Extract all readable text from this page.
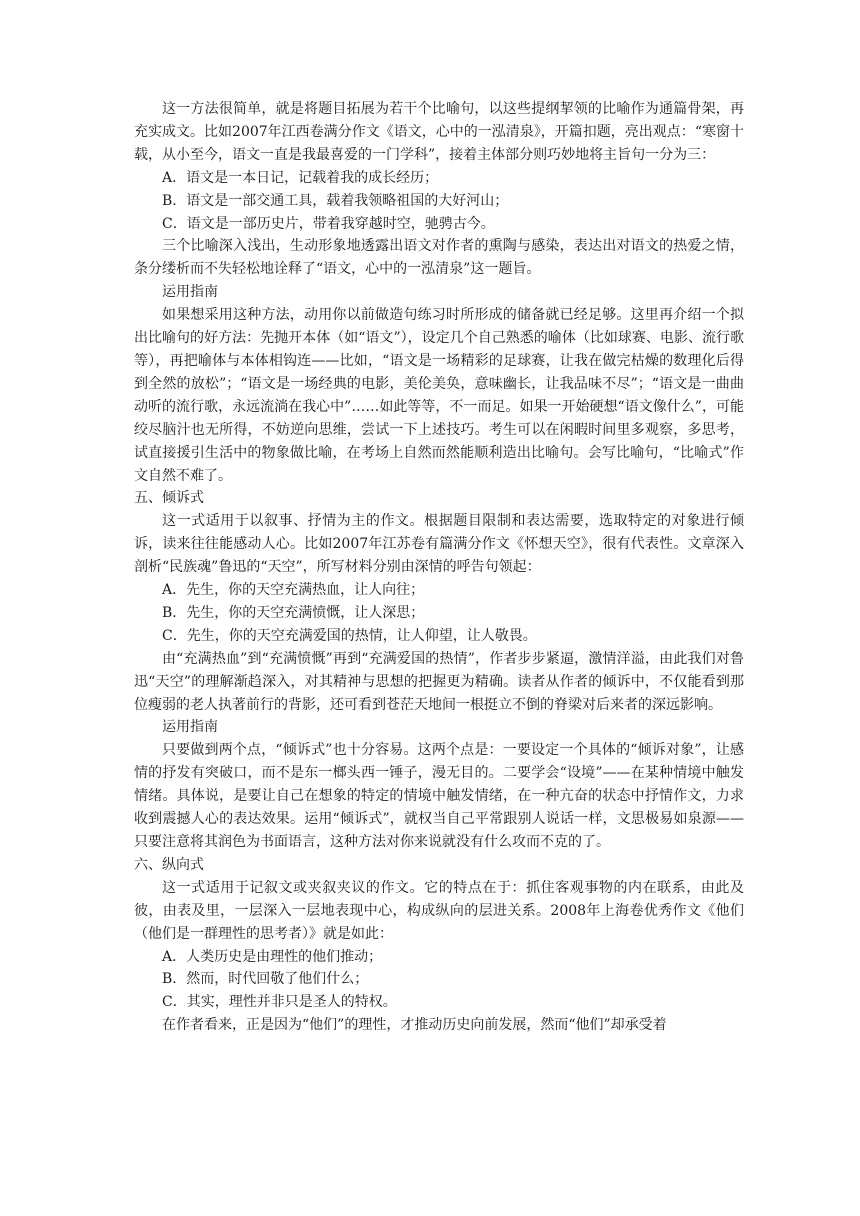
这一方法很简单，就是将题目拓展为若干个比喻句，以这些提纲挈领的比喻作为通篇骨架，再充实成文。比如2007年江西卷满分作文《语文，心中的一泓清泉》，开篇扣题，亮出观点：“寒窗十载，从小至今，语文一直是我最喜爱的一门学科”，接着主体部分则巧妙地将主旨句一分为三：

A．语文是一本日记，记载着我的成长经历；

B．语文是一部交通工具，载着我领略祖国的大好河山；

C．语文是一部历史片，带着我穿越时空，驰骋古今。

三个比喻深入浅出，生动形象地透露出语文对作者的熏陶与感染，表达出对语文的热爱之情，条分缕析而不失轻松地诠释了“语文，心中的一泓清泉”这一题旨。

运用指南

如果想采用这种方法，动用你以前做造句练习时所形成的储备就已经足够。这里再介绍一个拟出比喻句的好方法：先抛开本体（如“语文”），设定几个自己熟悉的喻体（比如球赛、电影、流行歌等），再把喻体与本体相钩连——比如，“语文是一场精彩的足球赛，让我在做完枯燥的数理化后得到全然的放松”；“语文是一场经典的电影，美伦美奂，意味幽长，让我品味不尽”；“语文是一曲曲动听的流行歌，永远流淌在我心中”……如此等等，不一而足。如果一开始硬想“语文像什么”，可能绞尽脑汁也无所得，不妨逆向思维，尝试一下上述技巧。考生可以在闲暇时间里多观察，多思考，试直接援引生活中的物象做比喻，在考场上自然而然能顺利造出比喻句。会写比喻句，“比喻式”作文自然不难了。

五、倾诉式

这一式适用于以叙事、抒情为主的作文。根据题目限制和表达需要，选取特定的对象进行倾诉，读来往往能感动人心。比如2007年江苏卷有篇满分作文《怀想天空》，很有代表性。文章深入剖析“民族魂”鲁迅的“天空”，所写材料分别由深情的呼告句领起：

A．先生，你的天空充满热血，让人向往；

B．先生，你的天空充满愤慨，让人深思；

C．先生，你的天空充满爱国的热情，让人仰望，让人敬畏。

由“充满热血”到“充满愤慨”再到“充满爱国的热情”，作者步步紧逼，激情洋溢，由此我们对鲁迅“天空”的理解渐趋深入，对其精神与思想的把握更为精确。读者从作者的倾诉中，不仅能看到那位瘦弱的老人执著前行的背影，还可看到苍茫天地间一根挺立不倒的脊梁对后来者的深远影响。

运用指南

只要做到两个点，“倾诉式”也十分容易。这两个点是：一要设定一个具体的“倾诉对象”，让感情的抒发有突破口，而不是东一榔头西一锤子，漫无目的。二要学会“设境”——在某种情境中触发情绪。具体说，是要让自己在想象的特定的情境中触发情绪，在一种亢奋的状态中抒情作文，力求收到震撼人心的表达效果。运用“倾诉式”，就权当自己平常跟别人说话一样，文思极易如泉源——只要注意将其润色为书面语言，这种方法对你来说就没有什么攻而不克的了。

六、纵向式

这一式适用于记叙文或夹叙夹议的作文。它的特点在于：抓住客观事物的内在联系，由此及彼，由表及里，一层深入一层地表现中心，构成纵向的层进关系。2008年上海卷优秀作文《他们（他们是一群理性的思考者）》就是如此：

A．人类历史是由理性的他们推动；

B．然而，时代回敬了他们什么；

C．其实，理性并非只是圣人的特权。

在作者看来，正是因为“他们”的理性，才推动历史向前发展，然而“他们”却承受着
